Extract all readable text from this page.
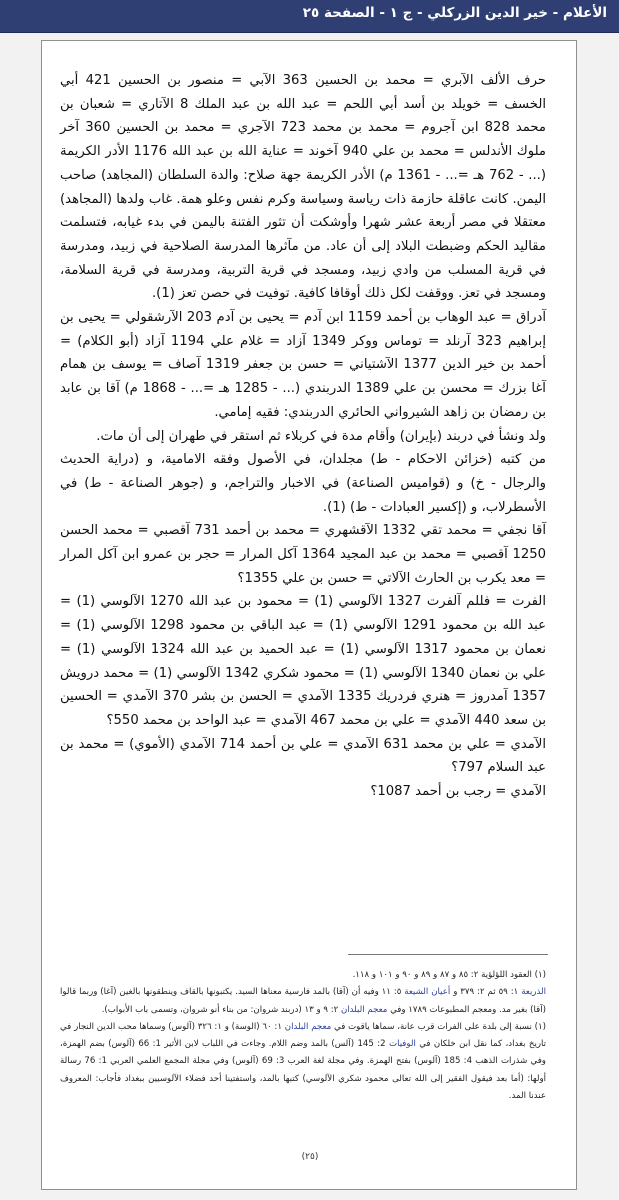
الأعلام - خير الدين الزركلي - ج ١ - الصفحة ٢٥

حرف الألف الآبري = محمد بن الحسين 363 الآبي = منصور بن الحسين 421 أبي الخسف = خويلد بن أسد أبي اللحم = عبد الله بن عبد الملك 8 الآتاري = شعبان بن محمد 828 ابن آجروم = محمد بن محمد 723 الآجري = محمد بن الحسين 360 آخر ملوك الأندلس = محمد بن علي 940 آخوند = عناية الله بن عبد الله 1176 الأدر الكريمة (... - 762 هـ =... - 1361 م) الأدر الكريمة جهة صلاح: والدة السلطان (المجاهد) صاحب اليمن. كانت عاقلة حازمة ذات رياسة وسياسة وكرم نفس وعلو همة. غاب ولدها (المجاهد) معتقلا في مصر أربعة عشر شهرا وأوشكت أن تثور الفتنة باليمن في بدء غيابه، فتسلمت مقاليد الحكم وضبطت البلاد إلى أن عاد. من مآثرها المدرسة الصلاحية في زبيد، ومدرسة في قرية المسلب من وادي زبيد، ومسجد في قرية التربية، ومدرسة في قرية السلامة، ومسجد في تعز. ووقفت لكل ذلك أوقافا كافية. توفيت في حصن تعز (1).

آدراق = عبد الوهاب بن أحمد 1159 ابن آدم = يحيى بن آدم 203 الآرشقولي = يحيى بن إبراهيم 323 آرنلد = توماس ووكر 1349 آزاد = غلام علي 1194 آزاد (أبو الكلام) = أحمد بن خير الدين 1377 الآشتياني = حسن بن جعفر 1319 آصاف = يوسف بن همام آغا بزرك = محسن بن علي 1389 الدربندي (... - 1285 هـ =... - 1868 م) آقا بن عابد بن رمضان بن زاهد الشيرواني الحائري الدربندي: فقيه إمامي.

ولد ونشأ في دربند (بإيران) وأقام مدة في كربلاء ثم استقر في طهران إلى أن مات.

من كتبه (خزائن الاحكام - ط) مجلدان، في الأصول وفقه الامامية، و (دراية الحديث والرجال - خ) و (قواميس الصناعة) في الاخبار والتراجم، و (جوهر الصناعة - ط) في الأسطرلاب، و (إكسير العبادات - ط) (1).

آقا نجفي = محمد تقي 1332 الآقشهري = محمد بن أحمد 731 آقصبي = محمد الحسن 1250 آقصبي = محمد بن عبد المجيد 1364 آكل المرار = حجر بن عمرو ابن آكل المرار = معد يكرب بن الحارث الآلاتي = حسن بن علي 1355؟

الفرت = فللم آلفرت 1327 الآلوسي (1) = محمود بن عبد الله 1270 الآلوسي (1) = عبد الله بن محمود 1291 الآلوسي (1) = عبد الباقي بن محمود 1298 الآلوسي (1) = نعمان بن محمود 1317 الآلوسي (1) = عبد الحميد بن عبد الله 1324 الآلوسي (1) = علي بن نعمان 1340 الآلوسي (1) = محمود شكري 1342 الآلوسي (1) = محمد درويش 1357 آمدروز = هنري فردريك 1335 الآمدي = الحسن بن بشر 370 الآمدي = الحسين بن سعد 440 الآمدي = علي بن محمد 467 الآمدي = عبد الواحد بن محمد 550؟

الآمدي = علي بن محمد 631 الآمدي = علي بن أحمد 714 الآمدي (الأموي) = محمد بن عبد السلام 797؟

الآمدي = رجب بن أحمد 1087؟

(١) العقود اللؤلؤية ٢: ٨٥ و ٨٧ و ٨٩ و ٩٠ و ١٠١ و ١١٨.

الذريعة ١: ٥٩ ثم ٢: ٣٧٩ و أعيان الشيعة ٥: ١١ وفيه أن (آقا) بالمد فارسية معناها السيد. يكتبونها بالقاف وينطقونها بالغين (آغا) وربما قالوا (آقا) بغير مد. ومعجم المطبوعات ١٧٨٩ وفي معجم البلدان ٢: ٩ و ١٣ (دربند شروان: من بناء أنو شروان، وتسمى باب الأبواب).

(١) نسبة إلى بلدة على الفرات قرب عانة، سماها ياقوت في معجم البلدان ١: ٦٠ (الوسة) و ١: ٣٢٦ (آلوس) وسماها محب الدين النجار في تاريخ بغداد، كما نقل ابن خلكان في الوفيات 2: 145 (آلس) بالمد وضم اللام. وجاءت في اللباب لابن الأثير 1: 66 (آلوس) بضم الهمزة، وفي شذرات الذهب 4: 185 (آلوس) بفتح الهمزة. وفي مجلة لغة العرب 3: 69 (آلوس) وفي مجلة المجمع العلمي العربي 1: 76 رسالة أولها: (أما بعد فيقول الفقير إلى الله تعالى محمود شكري الآلوسي) كتبها بالمد، واستفتينا أحد فضلاء الآلوسيين ببغداد فأجاب: المعروف عندنا المد.

(٢٥)
